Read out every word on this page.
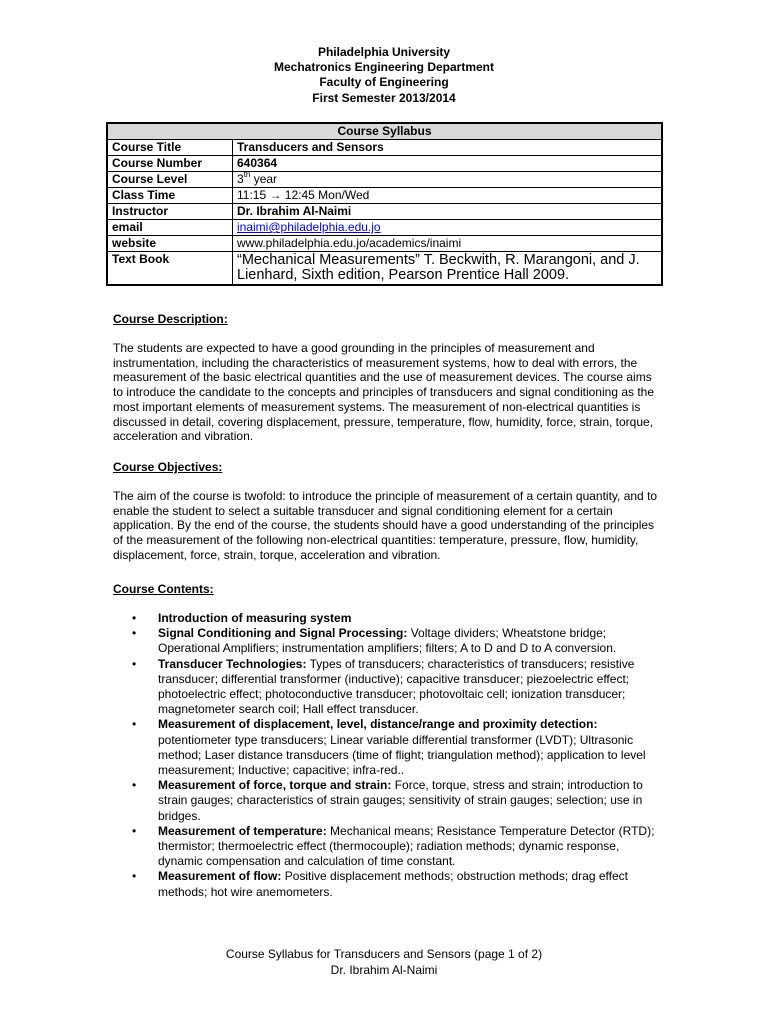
Philadelphia University
Mechatronics Engineering Department
Faculty of Engineering
First Semester 2013/2014
Course Syllabus	
Course Title	Transducers and Sensors
Course Number	640364
Course Level	3th year
Class Time	11:15 → 12:45 Mon/Wed
Instructor	Dr. Ibrahim Al-Naimi
email	inaimi@philadelphia.edu.jo
website	www.philadelphia.edu.jo/academics/inaimi
Text Book	“Mechanical Measurements” T. Beckwith, R. Marangoni, and J. Lienhard, Sixth edition, Pearson Prentice Hall 2009.
Course Description:
The students are expected to have a good grounding in the principles of measurement and instrumentation, including the characteristics of measurement systems, how to deal with errors, the measurement of the basic electrical quantities and the use of measurement devices. The course aims to introduce the candidate to the concepts and principles of transducers and signal conditioning as the most important elements of measurement systems. The measurement of non-electrical quantities is discussed in detail, covering displacement, pressure, temperature, flow, humidity, force, strain, torque, acceleration and vibration.
Course Objectives:
The aim of the course is twofold: to introduce the principle of measurement of a certain quantity, and to enable the student to select a suitable transducer and signal conditioning element for a certain application. By the end of the course, the students should have a good understanding of the principles of the measurement of the following non-electrical quantities: temperature, pressure, flow, humidity, displacement, force, strain, torque, acceleration and vibration.
Course Contents:
• Introduction of measuring system
• Signal Conditioning and Signal Processing: Voltage dividers; Wheatstone bridge; Operational Amplifiers; instrumentation amplifiers; filters; A to D and D to A conversion.
• Transducer Technologies: Types of transducers; characteristics of transducers; resistive transducer; differential transformer (inductive); capacitive transducer; piezoelectric effect; photoelectric effect; photoconductive transducer; photovoltaic cell; ionization transducer; magnetometer search coil; Hall effect transducer.
• Measurement of displacement, level, distance/range and proximity detection: potentiometer type transducers; Linear variable differential transformer (LVDT); Ultrasonic method; Laser distance transducers (time of flight; triangulation method); application to level measurement; Inductive; capacitive; infra-red..
• Measurement of force, torque and strain: Force, torque, stress and strain; introduction to strain gauges; characteristics of strain gauges; sensitivity of strain gauges; selection; use in bridges.
• Measurement of temperature: Mechanical means; Resistance Temperature Detector (RTD); thermistor; thermoelectric effect (thermocouple); radiation methods; dynamic response, dynamic compensation and calculation of time constant.
• Measurement of flow: Positive displacement methods; obstruction methods; drag effect methods; hot wire anemometers.
Course Syllabus for Transducers and Sensors (page 1 of 2)
Dr. Ibrahim Al-Naimi
